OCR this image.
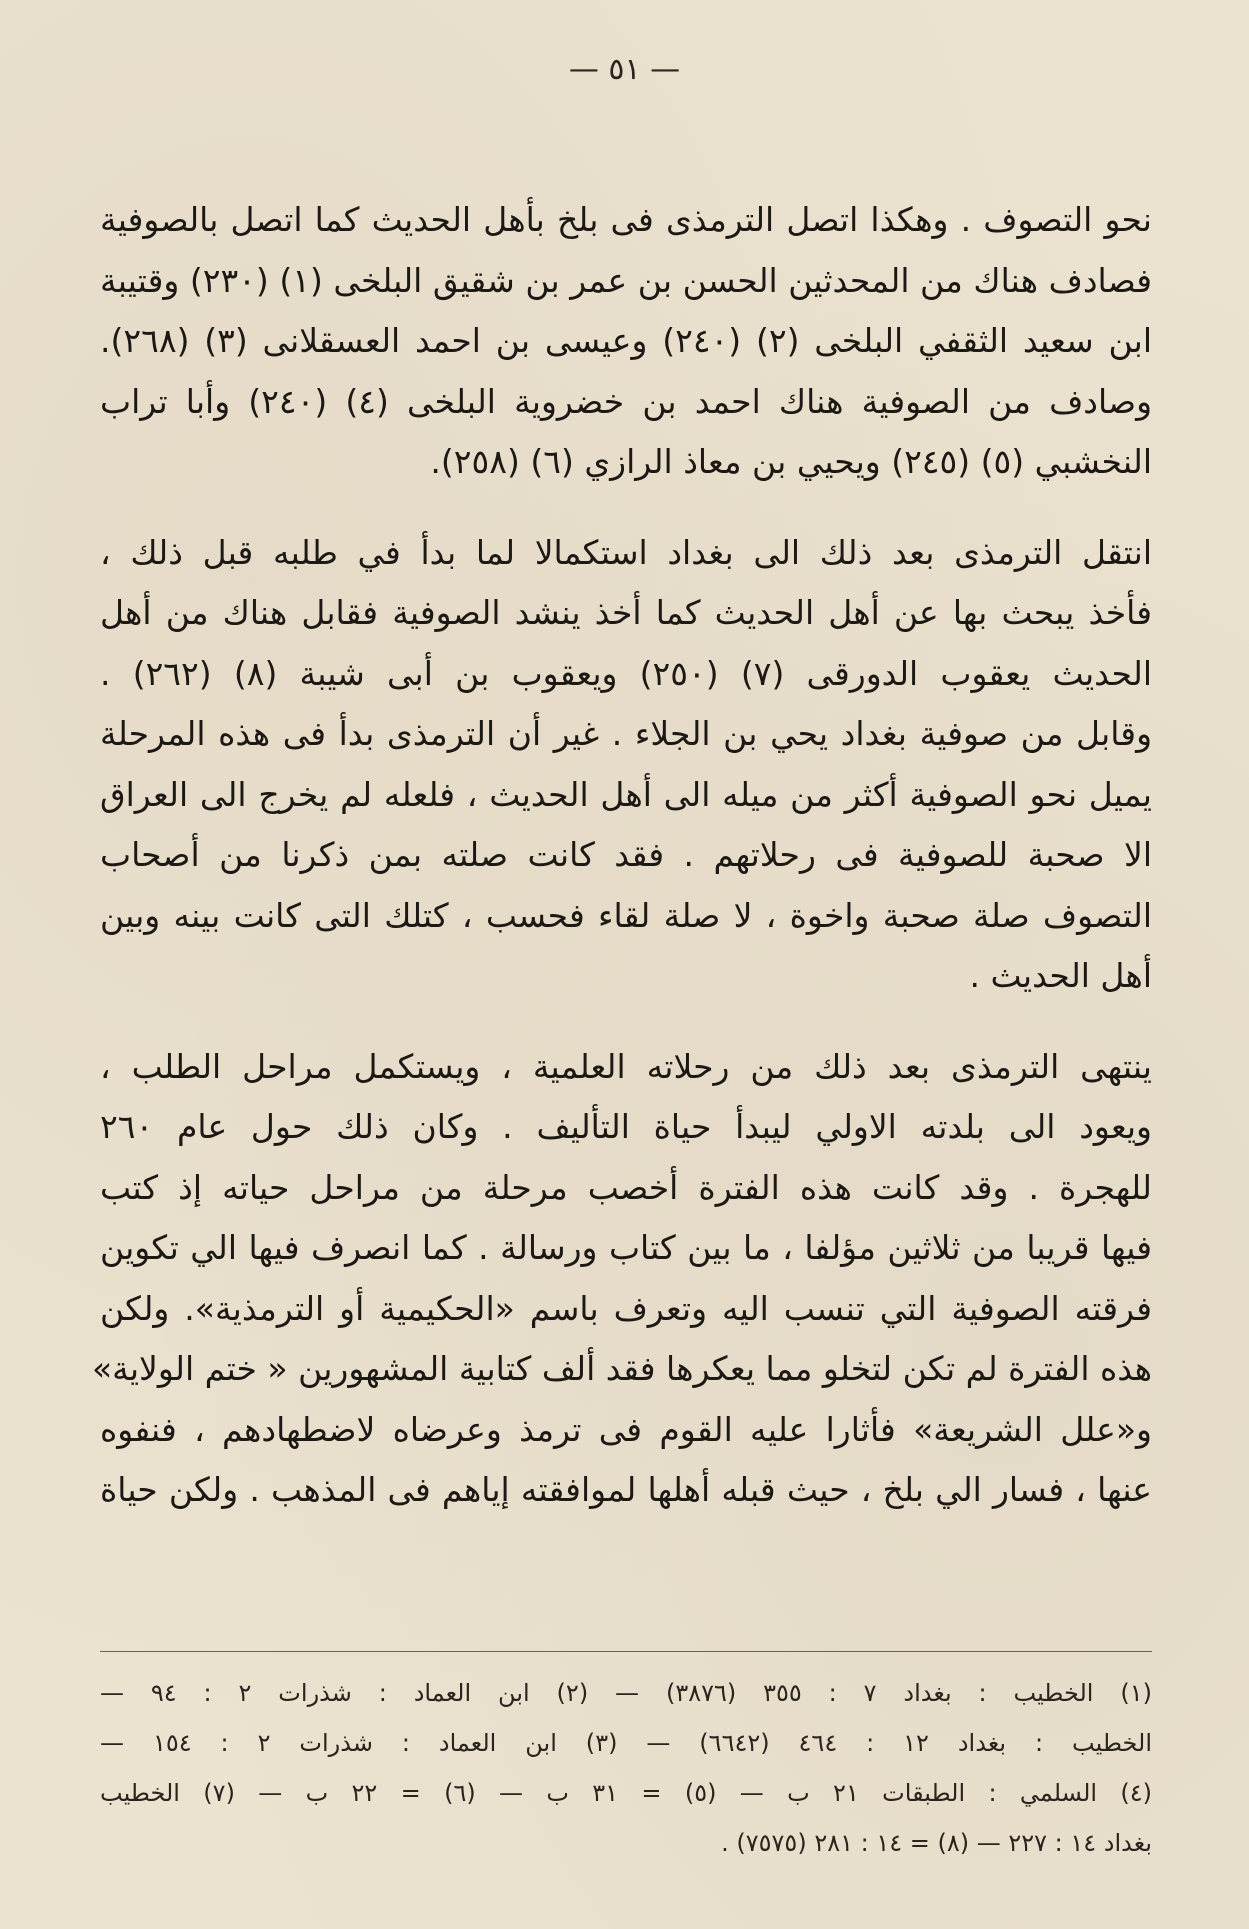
— ٥١ —

نحو التصوف . وهكذا اتصل الترمذى فى بلخ بأهل الحديث كما اتصل بالصوفية
فصادف هناك من المحدثين الحسن بن عمر بن شقيق البلخى (١) (٢٣٠) وقتيبة
ابن سعيد الثقفي البلخى (٢) (٢٤٠) وعيسى بن احمد العسقلانى (٣) (٢٦٨).
وصادف من الصوفية هناك احمد بن خضروية البلخى (٤) (٢٤٠) وأبا تراب
النخشبي (٥) (٢٤٥) ويحيي بن معاذ الرازي (٦) (٢٥٨).

انتقل الترمذى بعد ذلك الى بغداد استكمالا لما بدأ في طلبه قبل ذلك ،
فأخذ يبحث بها عن أهل الحديث كما أخذ ينشد الصوفية فقابل هناك من أهل
الحديث يعقوب الدورقى (٧) (٢٥٠) ويعقوب بن أبى شيبة (٨) (٢٦٢) .
وقابل من صوفية بغداد يحي بن الجلاء . غير أن الترمذى بدأ فى هذه المرحلة
يميل نحو الصوفية أكثر من ميله الى أهل الحديث ، فلعله لم يخرج الى العراق
الا صحبة للصوفية فى رحلاتهم . فقد كانت صلته بمن ذكرنا من أصحاب
التصوف صلة صحبة واخوة ، لا صلة لقاء فحسب ، كتلك التى كانت بينه وبين
أهل الحديث .

ينتهى الترمذى بعد ذلك من رحلاته العلمية ، ويستكمل مراحل الطلب ،
ويعود الى بلدته الاولي ليبدأ حياة التأليف . وكان ذلك حول عام ٢٦٠
للهجرة . وقد كانت هذه الفترة أخصب مرحلة من مراحل حياته إذ كتب
فيها قريبا من ثلاثين مؤلفا ، ما بين كتاب ورسالة . كما انصرف فيها الي تكوين
فرقته الصوفية التي تنسب اليه وتعرف باسم «الحكيمية أو الترمذية». ولكن
هذه الفترة لم تكن لتخلو مما يعكرها فقد ألف كتابية المشهورين « ختم الولاية»
و«علل الشريعة» فأثارا عليه القوم فى ترمذ وعرضاه لاضطهادهم ، فنفوه
عنها ، فسار الي بلخ ، حيث قبله أهلها لموافقته إياهم فى المذهب . ولكن حياة

(١) الخطيب : بغداد ٧ : ٣٥٥ (٣٨٧٦) — (٢) ابن العماد : شذرات ٢ : ٩٤ —
الخطيب : بغداد ١٢ : ٤٦٤ (٦٦٤٢) — (٣) ابن العماد : شذرات ٢ : ١٥٤ —
(٤) السلمي : الطبقات ٢١ ب — (٥) = ٣١ ب — (٦) = ٢٢ ب — (٧) الخطيب
بغداد ١٤ : ٢٢٧ — (٨) = ١٤ : ٢٨١ (٧٥٧٥) .
